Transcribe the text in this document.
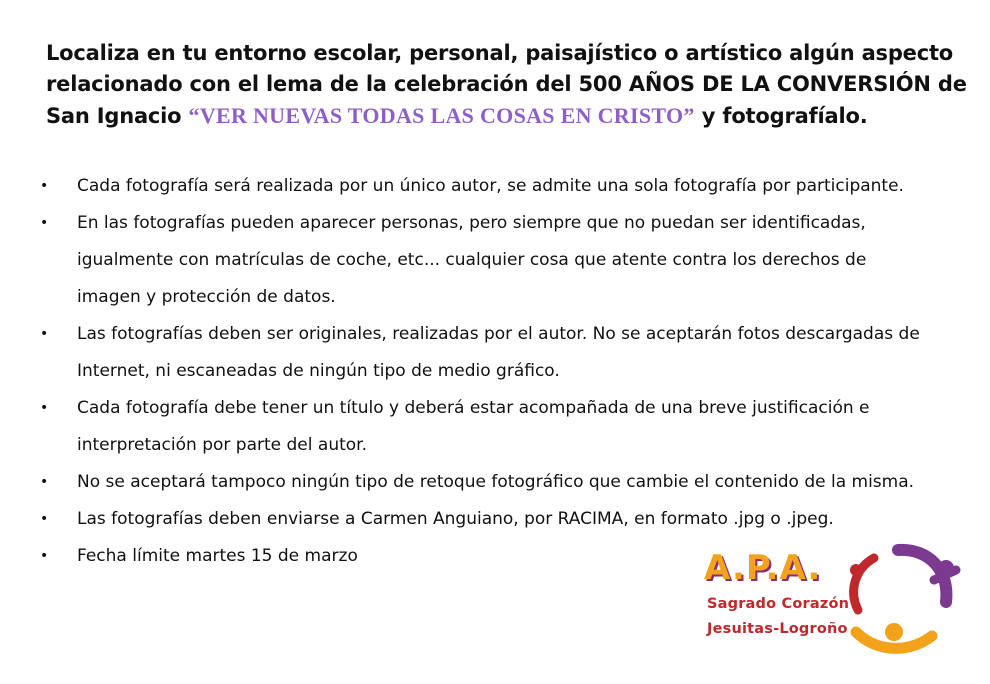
Localiza en tu entorno escolar, personal, paisajístico o artístico algún aspecto
relacionado con el lema de la celebración del 500 AÑOS DE LA CONVERSIÓN de
San Ignacio “VER NUEVAS TODAS LAS COSAS EN CRISTO” y fotografíalo.
• Cada fotografía será realizada por un único autor, se admite una sola fotografía por participante.
• En las fotografías pueden aparecer personas, pero siempre que no puedan ser identificadas,
igualmente con matrículas de coche, etc... cualquier cosa que atente contra los derechos de
imagen y protección de datos.
• Las fotografías deben ser originales, realizadas por el autor. No se aceptarán fotos descargadas de
Internet, ni escaneadas de ningún tipo de medio gráfico.
• Cada fotografía debe tener un título y deberá estar acompañada de una breve justificación e
interpretación por parte del autor.
• No se aceptará tampoco ningún tipo de retoque fotográfico que cambie el contenido de la misma.
• Las fotografías deben enviarse a Carmen Anguiano, por RACIMA, en formato .jpg o .jpeg.
• Fecha límite martes 15 de marzo	A.P.A.
Sagrado Corazón
Jesuitas-Logroño
